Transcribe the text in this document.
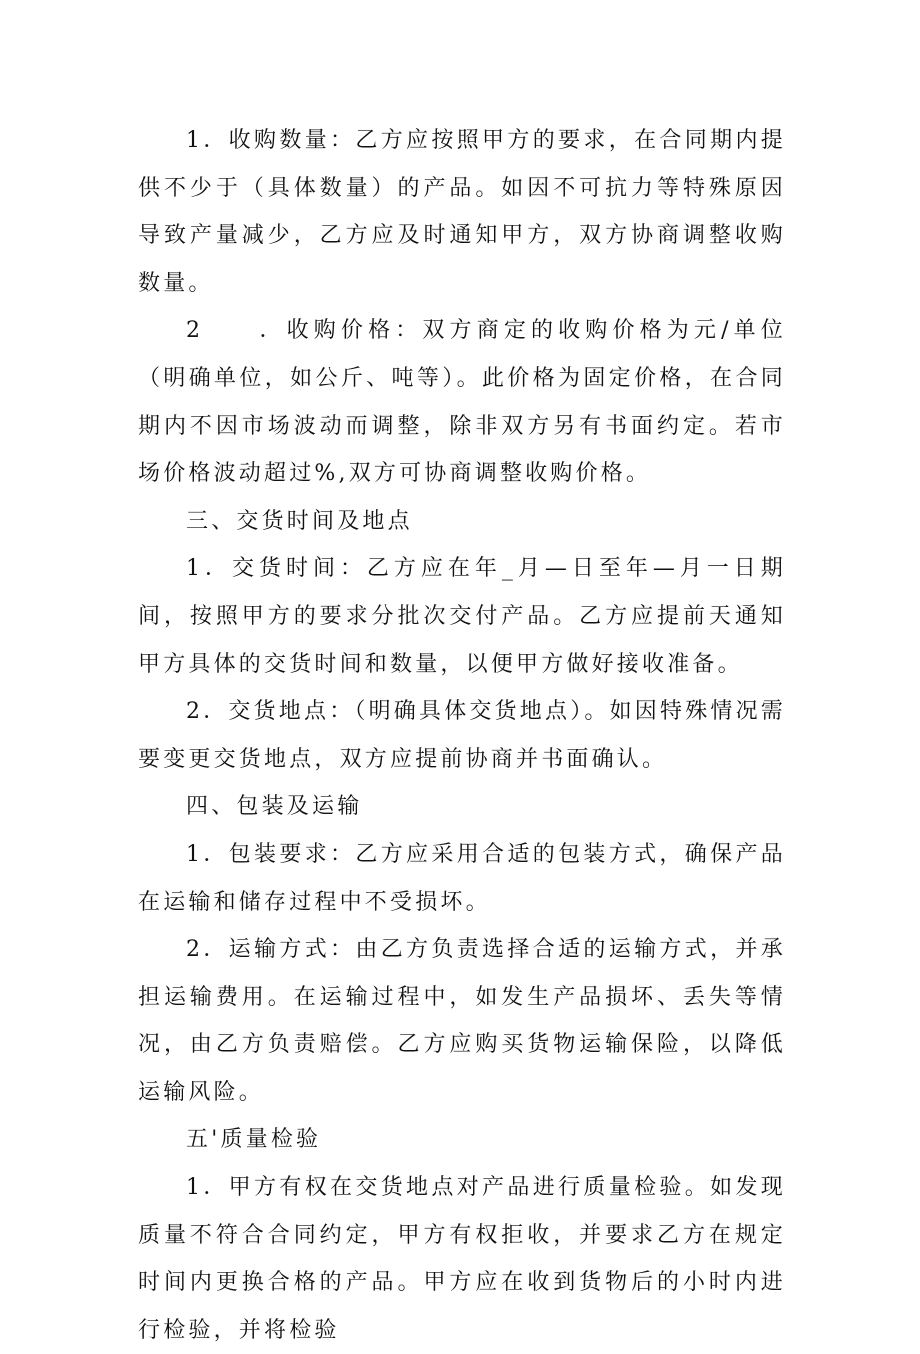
1．收购数量：乙方应按照甲方的要求，在合同期内提供不少于（具体数量）的产品。如因不可抗力等特殊原因导致产量减少，乙方应及时通知甲方，双方协商调整收购数量。

2　　．收购价格：双方商定的收购价格为元/单位（明确单位，如公斤、吨等）。此价格为固定价格，在合同期内不因市场波动而调整，除非双方另有书面约定。若市场价格波动超过%,双方可协商调整收购价格。

三、交货时间及地点

1．交货时间：乙方应在年_月—日至年—月一日期间，按照甲方的要求分批次交付产品。乙方应提前天通知甲方具体的交货时间和数量，以便甲方做好接收准备。

2．交货地点：（明确具体交货地点）。如因特殊情况需要变更交货地点，双方应提前协商并书面确认。

四、包装及运输

1．包装要求：乙方应采用合适的包装方式，确保产品在运输和储存过程中不受损坏。

2．运输方式：由乙方负责选择合适的运输方式，并承担运输费用。在运输过程中，如发生产品损坏、丢失等情况，由乙方负责赔偿。乙方应购买货物运输保险，以降低运输风险。

五'质量检验

1．甲方有权在交货地点对产品进行质量检验。如发现质量不符合合同约定，甲方有权拒收，并要求乙方在规定时间内更换合格的产品。甲方应在收到货物后的小时内进行检验，并将检验
